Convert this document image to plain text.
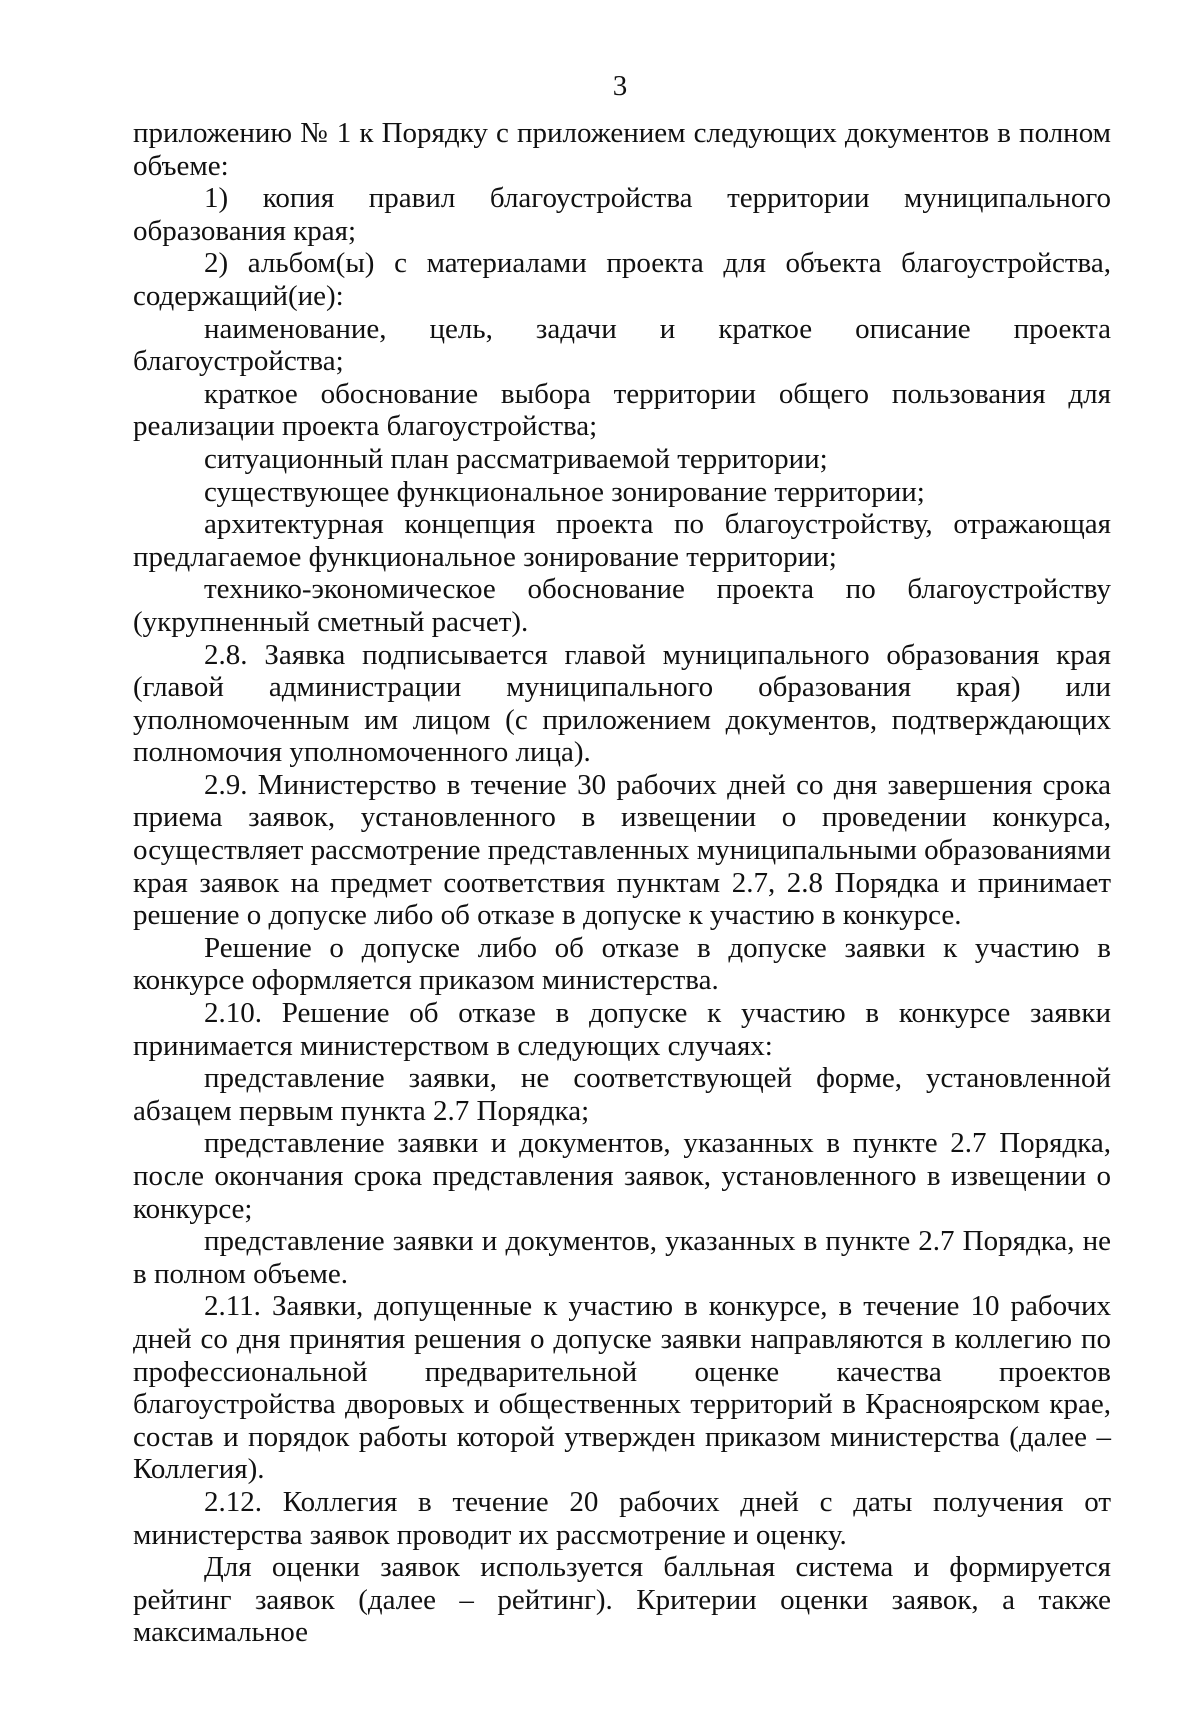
3

приложению № 1 к Порядку с приложением следующих документов в полном объеме:

1) копия правил благоустройства территории муниципального образования края;

2) альбом(ы) с материалами проекта для объекта благоустройства, содержащий(ие):

наименование, цель, задачи и краткое описание проекта благоустройства;

краткое обоснование выбора территории общего пользования для реализации проекта благоустройства;

ситуационный план рассматриваемой территории;

существующее функциональное зонирование территории;

архитектурная концепция проекта по благоустройству, отражающая предлагаемое функциональное зонирование территории;

технико-экономическое обоснование проекта по благоустройству (укрупненный сметный расчет).

2.8. Заявка подписывается главой муниципального образования края (главой администрации муниципального образования края) или уполномоченным им лицом (с приложением документов, подтверждающих полномочия уполномоченного лица).

2.9. Министерство в течение 30 рабочих дней со дня завершения срока приема заявок, установленного в извещении о проведении конкурса, осуществляет рассмотрение представленных муниципальными образованиями края заявок на предмет соответствия пунктам 2.7, 2.8 Порядка и принимает решение о допуске либо об отказе в допуске к участию в конкурсе.

Решение о допуске либо об отказе в допуске заявки к участию в конкурсе оформляется приказом министерства.

2.10. Решение об отказе в допуске к участию в конкурсе заявки принимается министерством в следующих случаях:

представление заявки, не соответствующей форме, установленной абзацем первым пункта 2.7 Порядка;

представление заявки и документов, указанных в пункте 2.7 Порядка, после окончания срока представления заявок, установленного в извещении о конкурсе;

представление заявки и документов, указанных в пункте 2.7 Порядка, не в полном объеме.

2.11. Заявки, допущенные к участию в конкурсе, в течение 10 рабочих дней со дня принятия решения о допуске заявки направляются в коллегию по профессиональной предварительной оценке качества проектов благоустройства дворовых и общественных территорий в Красноярском крае, состав и порядок работы которой утвержден приказом министерства (далее – Коллегия).

2.12. Коллегия в течение 20 рабочих дней с даты получения от министерства заявок проводит их рассмотрение и оценку.

Для оценки заявок используется балльная система и формируется рейтинг заявок (далее – рейтинг). Критерии оценки заявок, а также максимальное
